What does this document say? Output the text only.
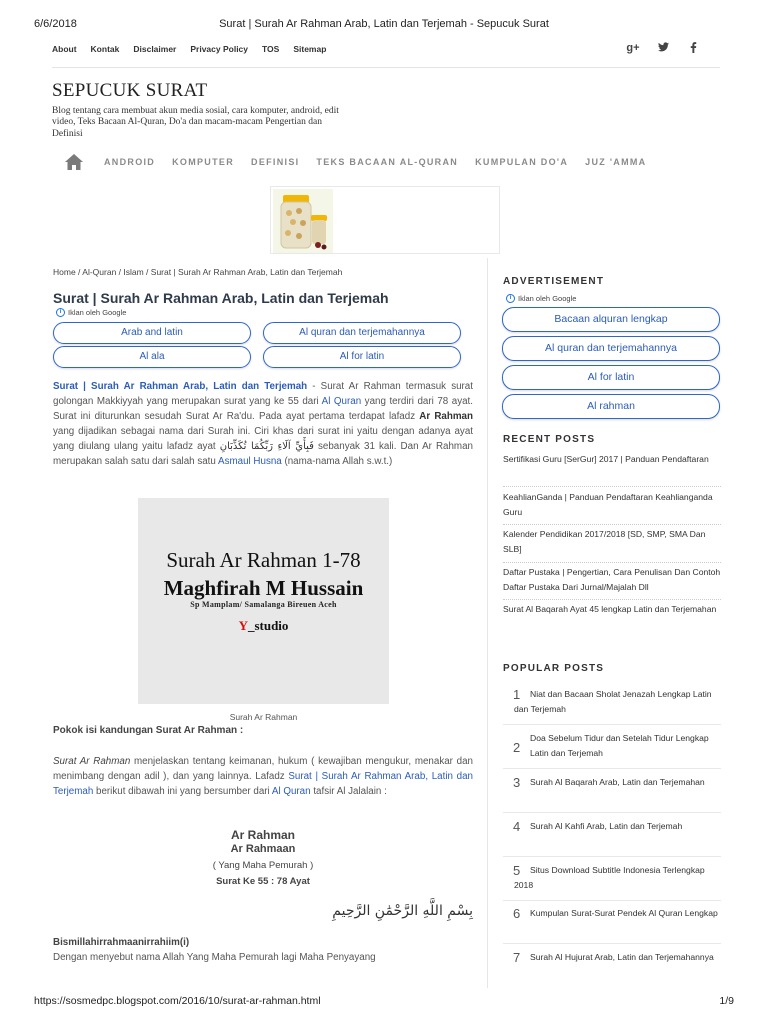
6/6/2018	Surat | Surah Ar Rahman Arab, Latin dan Terjemah - Sepucuk Surat
About Kontak Disclaimer Privacy Policy TOS Sitemap	g+
SEPUCUK SURAT
Blog tentang cara membuat akun media sosial, cara komputer, android, edit video, Teks Bacaan Al-Quran, Do'a dan macam-macam Pengertian dan Definisi
ANDROID KOMPUTER DEFINISI TEKS BACAAN AL-QURAN KUMPULAN DO'A JUZ 'AMMA
Home / Al-Quran / Islam / Surat | Surah Ar Rahman Arab, Latin dan Terjemah
Surat | Surah Ar Rahman Arab, Latin dan Terjemah
i Iklan oleh Google
Arab and latin	Al quran dan terjemahannya
Al ala	Al for latin
Surat | Surah Ar Rahman Arab, Latin dan Terjemah - Surat Ar Rahman termasuk surat golongan Makkiyyah yang merupakan surat yang ke 55 dari Al Quran yang terdiri dari 78 ayat. Surat ini diturunkan sesudah Surat Ar Ra'du. Pada ayat pertama terdapat lafadz Ar Rahman yang dijadikan sebagai nama dari Surah ini. Ciri khas dari surat ini yaitu dengan adanya ayat yang diulang ulang yaitu lafadz ayat فَبِأَيِّ آلَاءِ رَبِّكُمَا تُكَذِّبَانِ sebanyak 31 kali. Dan Ar Rahman merupakan salah satu dari salah satu Asmaul Husna (nama-nama Allah s.w.t.)
Surah Ar Rahman 1-78
Maghfirah M Hussain
Sp Mamplam/ Samalanga Bireuen Aceh
Y_studio
Surah Ar Rahman
Pokok isi kandungan Surat Ar Rahman :
Surat Ar Rahman menjelaskan tentang keimanan, hukum ( kewajiban mengukur, menakar dan menimbang dengan adil ), dan yang lainnya. Lafadz Surat | Surah Ar Rahman Arab, Latin dan Terjemah berikut dibawah ini yang bersumber dari Al Quran tafsir Al Jalalain :
Ar Rahman
Ar Rahmaan
( Yang Maha Pemurah )
Surat Ke 55 : 78 Ayat
بِسْمِ اللَّهِ الرَّحْمَٰنِ الرَّحِيمِ
Bismillahirrahmaanirrahiim(i)
Dengan menyebut nama Allah Yang Maha Pemurah lagi Maha Penyayang
ADVERTISEMENT
i Iklan oleh Google
Bacaan alquran lengkap
Al quran dan terjemahannya
Al for latin
Al rahman
RECENT POSTS
Sertifikasi Guru [SerGur] 2017 | Panduan Pendaftaran
KeahlianGanda | Panduan Pendaftaran Keahlianganda Guru
Kalender Pendidikan 2017/2018 [SD, SMP, SMA Dan SLB]
Daftar Pustaka | Pengertian, Cara Penulisan Dan Contoh Daftar Pustaka Dari Jurnal/Majalah Dll
Surat Al Baqarah Ayat 45 lengkap Latin dan Terjemahan
POPULAR POSTS
1	Niat dan Bacaan Sholat Jenazah Lengkap Latin dan Terjemah
2
Doa Sebelum Tidur dan Setelah Tidur Lengkap Latin dan Terjemah
3	Surah Al Baqarah Arab, Latin dan Terjemahan
4	Surah Al Kahfi Arab, Latin dan Terjemah
5	Situs Download Subtitle Indonesia Terlengkap 2018
6	Kumpulan Surat-Surat Pendek Al Quran Lengkap
7	Surah Al Hujurat Arab, Latin dan Terjemahannya
https://sosmedpc.blogspot.com/2016/10/surat-ar-rahman.html	1/9
